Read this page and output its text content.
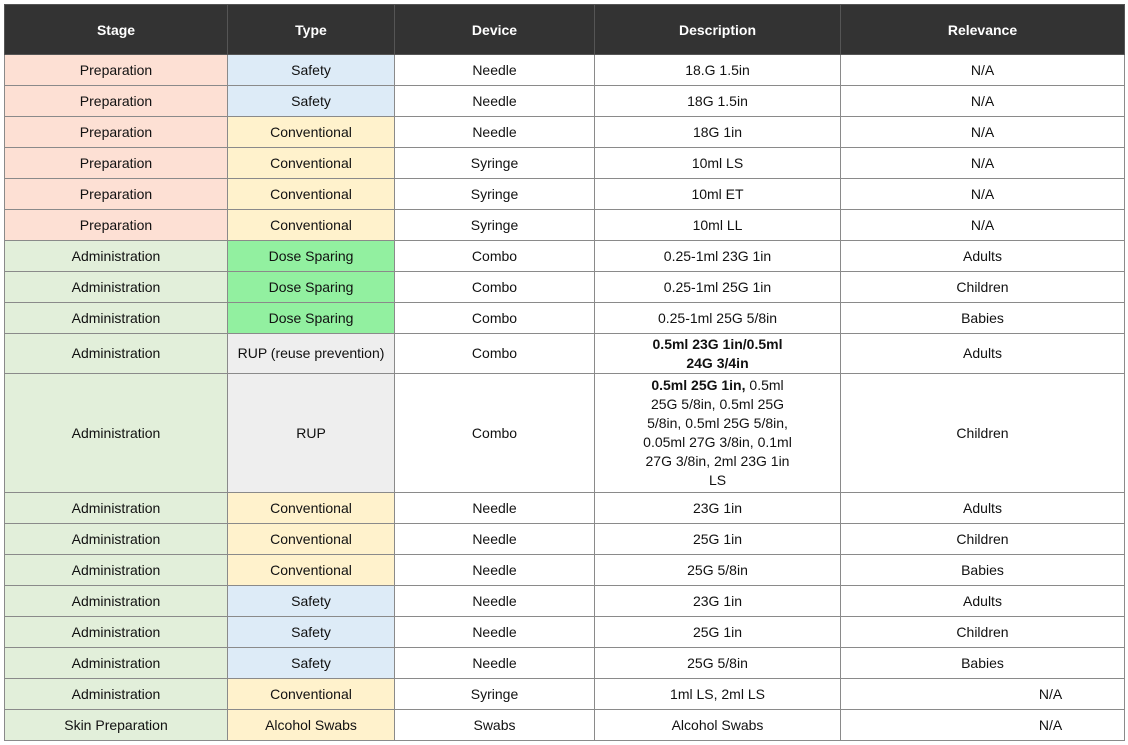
Stage	Type	Device	Description	Relevance
Preparation	Safety	Needle	18.G 1.5in	N/A
Preparation	Safety	Needle	18G 1.5in	N/A
Preparation	Conventional	Needle	18G 1in	N/A
Preparation	Conventional	Syringe	10ml LS	N/A
Preparation	Conventional	Syringe	10ml ET	N/A
Preparation	Conventional	Syringe	10ml LL	N/A
Administration	Dose Sparing	Combo	0.25-1ml 23G 1in	Adults
Administration	Dose Sparing	Combo	0.25-1ml 25G 1in	Children
Administration	Dose Sparing	Combo	0.25-1ml 25G 5/8in	Babies
Administration	RUP (reuse prevention)	Combo	0.5ml 23G 1in/0.5ml 24G 3/4in	Adults
Administration	RUP	Combo	0.5ml 25G 1in, 0.5ml 25G 5/8in, 0.5ml 25G 5/8in, 0.5ml 25G 5/8in, 0.05ml 27G 3/8in, 0.1ml 27G 3/8in, 2ml 23G 1in LS	Children
Administration	Conventional	Needle	23G 1in	Adults
Administration	Conventional	Needle	25G 1in	Children
Administration	Conventional	Needle	25G 5/8in	Babies
Administration	Safety	Needle	23G 1in	Adults
Administration	Safety	Needle	25G 1in	Children
Administration	Safety	Needle	25G 5/8in	Babies
Administration	Conventional	Syringe	1ml LS, 2ml LS	N/A
Skin Preparation	Alcohol Swabs	Swabs	Alcohol Swabs	N/A
